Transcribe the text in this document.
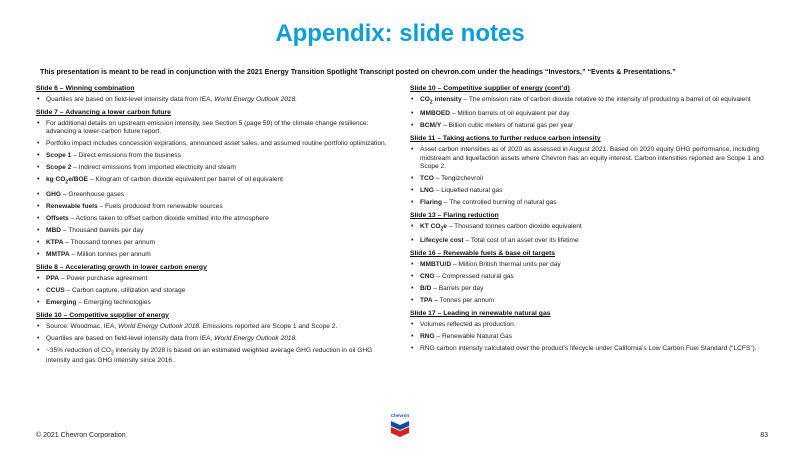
Appendix: slide notes
This presentation is meant to be read in conjunction with the 2021 Energy Transition Spotlight Transcript posted on chevron.com under the headings “Investors,” “Events & Presentations.”
Slide 6 – Winning combination
• Quartiles are based on field-level intensity data from IEA, World Energy Outlook 2018.
Slide 7 – Advancing a lower carbon future
• For additional details on upstream emission intensity, see Section 5 (page 59) of the climate change resilience: advancing a lower-carbon future report.
• Portfolio impact includes concession expirations, announced asset sales, and assumed routine portfolio optimization.
• Scope 1 – Direct emissions from the business
• Scope 2 – Indirect emissions from imported electricity and steam
• kg $CO_2e$/BOE – Kilogram of carbon dioxide equivalent per barrel of oil equivalent
• GHG – Greenhouse gases
• Renewable fuels – Fuels produced from renewable sources
• Offsets – Actions taken to offset carbon dioxide emitted into the atmosphere
• MBD – Thousand barrels per day
• KTPA – Thousand tonnes per annum
• MMTPA – Million tonnes per annum
Slide 8 – Accelerating growth in lower carbon energy
• PPA – Power purchase agreement
• CCUS – Carbon capture, utilization and storage
• Emerging – Emerging technologies
Slide 10 – Competitive supplier of energy
• Source: Woodmac, IEA, World Energy Outlook 2018. Emissions reported are Scope 1 and Scope 2.
• Quartiles are based on field-level intensity data from IEA, World Energy Outlook 2018.
• ~35% reduction of $CO_2$ intensity by 2028 is based on an estimated weighted average GHG reduction in oil GHG intensity and gas GHG intensity since 2016.
Slide 10 – Competitive supplier of energy (cont’d)
• $CO_2$ intensity – The emission rate of carbon dioxide relative to the intensity of producing a barrel of oil equivalent
• MMBOED – Million barrels of oil equivalent per day
• BCM/Y – Billion cubic meters of natural gas per year
Slide 11 – Taking actions to further reduce carbon intensity
• Asset carbon intensities as of 2020 as assessed in August 2021. Based on 2020 equity GHG performance, including midstream and liquefaction assets where Chevron has an equity interest. Carbon intensities reported are Scope 1 and Scope 2.
• TCO – Tengizchevroil
• LNG – Liquefied natural gas
• Flaring – The controlled burning of natural gas
Slide 13 – Flaring reduction
• KT $CO_2e$ – Thousand tonnes carbon dioxide equivalent
• Lifecycle cost – Total cost of an asset over its lifetime
Slide 16 – Renewable fuels & base oil targets
• MMBTU/D – Million British thermal units per day
• CNG – Compressed natural gas
• B/D – Barrels per day
• TPA – Tonnes per annum
Slide 17 – Leading in renewable natural gas
• Volumes reflected as production.
• RNG – Renewable Natural Gas
• RNG carbon intensity calculated over the product’s lifecycle under California’s Low Carbon Fuel Standard (“LCFS”).
Chevron
© 2021 Chevron Corporation	83
